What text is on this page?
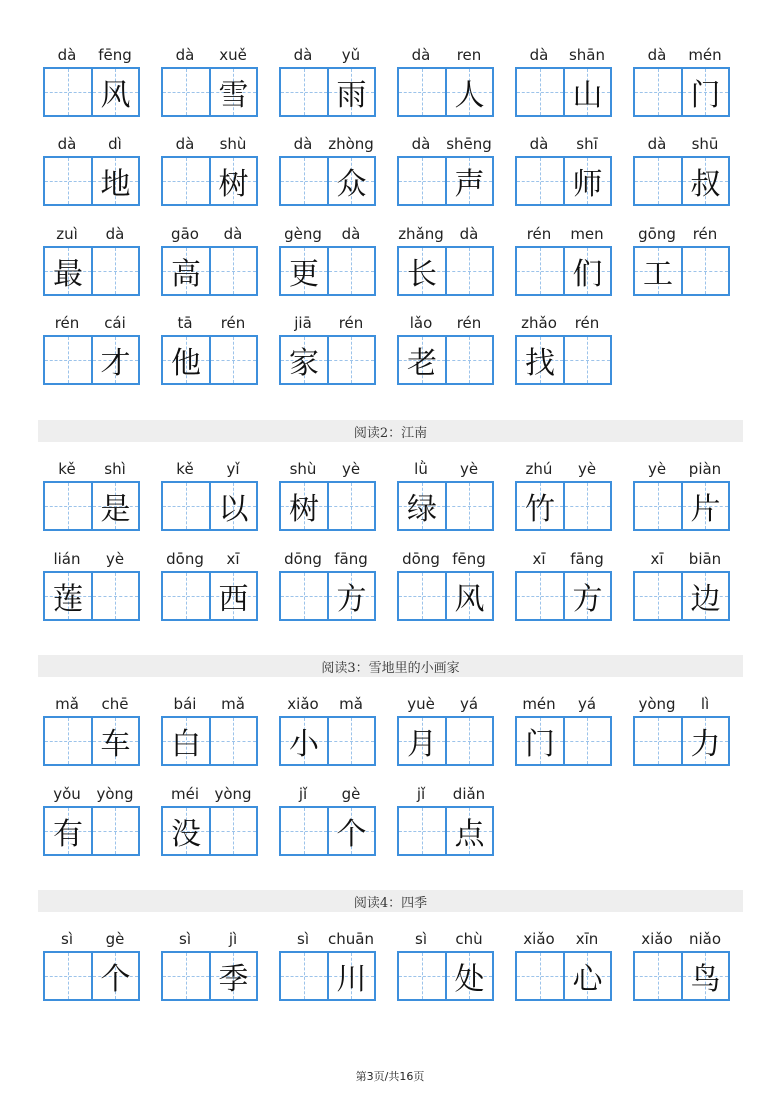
阅读2：江南
阅读3：雪地里的小画家
阅读4：四季
第3页/共16页
dà	fēng
风
dà	xuě
雪
dà	yǔ
雨
dà	ren
人
dà	shān
山
dà	mén
门
dà	dì
地
dà	shù
树
dà	zhòng
众
dà	shēng
声
dà	shī
师
dà	shū
叔
zuì	dà
最
gāo	dà
高
gèng	dà
更
zhǎng	dà
长
rén	men
们
gōng	rén
工
rén	cái
才
tā	rén
他
jiā	rén
家
lǎo	rén
老
zhǎo	rén
找
kě	shì
是
kě	yǐ
以
shù	yè
树
lǜ	yè
绿
zhú	yè
竹
yè	piàn
片
lián	yè
莲
dōng	xī
西
dōng fāng
方
dōng fēng
风
xī	fāng
方
xī	biān
边
mǎ	chē
车
bái	mǎ
白
xiǎo	mǎ
小
yuè	yá
月
mén	yá
门
yòng	lì
力
yǒu	yòng
有
méi	yòng
没
jǐ	gè
个
jǐ	diǎn
点
sì	gè
个
sì	jì
季
sì	chuān
川
sì	chù
处
xiǎo	xīn
心
xiǎo	niǎo
鸟
